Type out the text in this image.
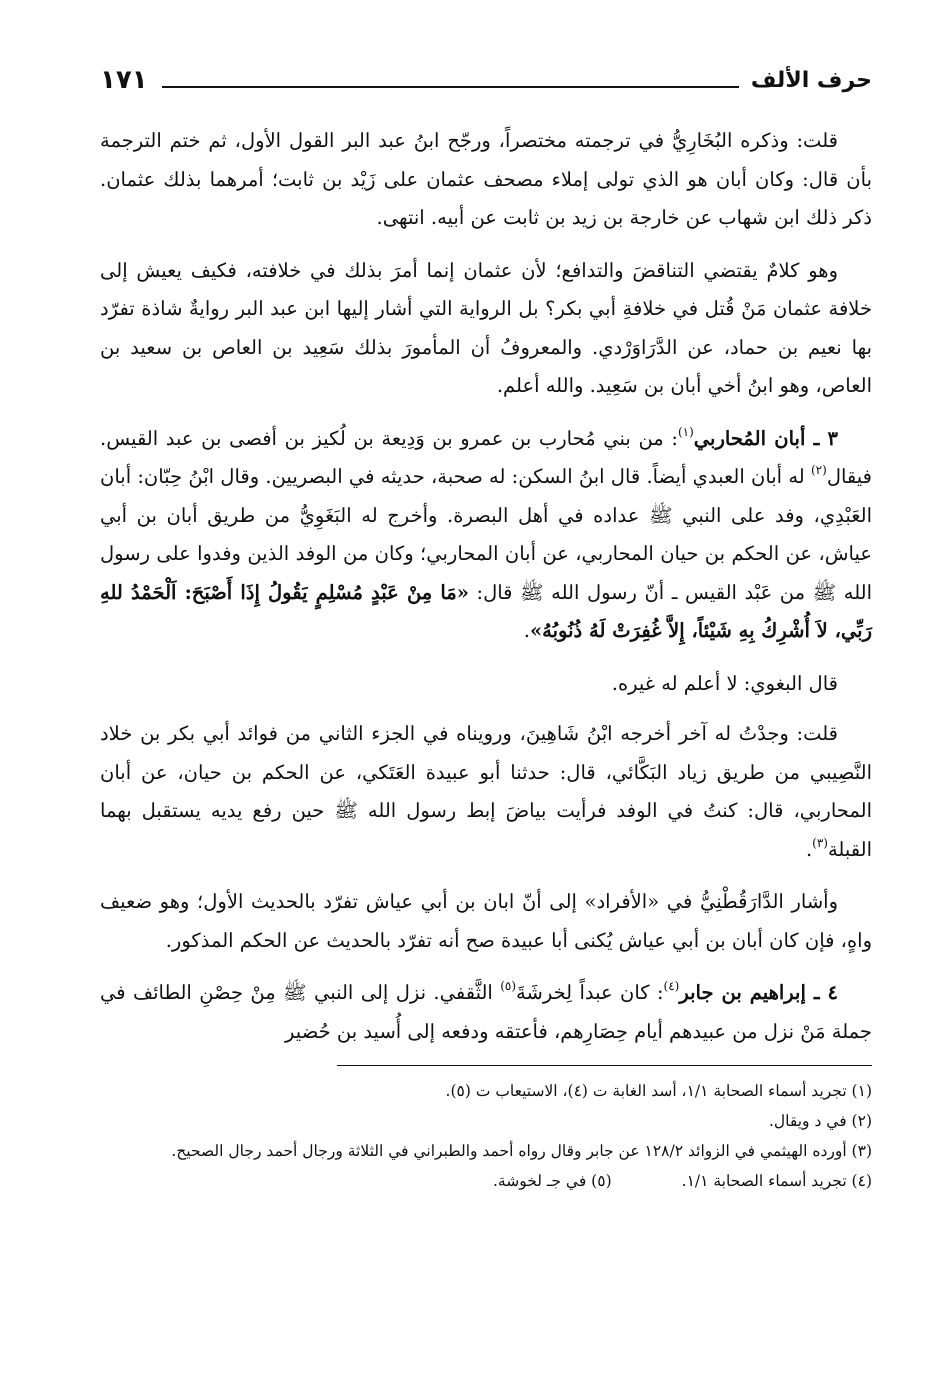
حرف الألف
١٧١

قلت: وذكره البُخَارِيُّ في ترجمته مختصراً، ورجّح ابنُ عبد البر القول الأول، ثم ختم الترجمة بأن قال: وكان أبان هو الذي تولى إملاء مصحف عثمان على زَيْد بن ثابت؛ أمرهما بذلك عثمان. ذكر ذلك ابن شهاب عن خارجة بن زيد بن ثابت عن أبيه. انتهى.

وهو كلامٌ يقتضي التناقضَ والتدافع؛ لأن عثمان إنما أمرَ بذلك في خلافته، فكيف يعيش إلى خلافة عثمان مَنْ قُتل في خلافةِ أبي بكر؟ بل الرواية التي أشار إليها ابن عبد البر روايةٌ شاذة تفرّد بها نعيم بن حماد، عن الدَّرَاوَرْدي. والمعروفُ أن المأمورَ بذلك سَعِيد بن العاص بن سعيد بن العاص، وهو ابنُ أخي أبان بن سَعِيد. والله أعلم.

٣ ـ أبان المُحاربي$^{(١)}$: من بني مُحارب بن عمرو بن وَدِيعة بن لُكيز بن أفصى بن عبد القيس. فيقال$^{(٢)}$ له أبان العبدي أيضاً. قال ابنُ السكن: له صحبة، حديثه في البصريين. وقال ابْنُ حِبّان: أبان العَبْدِي، وفد على النبي ﷺ عداده في أهل البصرة. وأخرج له البَغَوِيُّ من طريق أبان بن أبي عياش، عن الحكم بن حيان المحاربي، عن أبان المحاربي؛ وكان من الوفد الذين وفدوا على رسول الله ﷺ من عَبْد القيس ـ أنّ رسول الله ﷺ قال: «مَا مِنْ عَبْدٍ مُسْلِمٍ يَقُولُ إِذَا أَصْبَحَ: اَلْحَمْدُ للهِ رَبِّي، لاَ أُشْرِكُ بِهِ شَيْئاً، إِلاَّ غُفِرَتْ لَهُ ذُنُوبُهُ».

قال البغوي: لا أعلم له غيره.

قلت: وجدْتُ له آخر أخرجه ابْنُ شَاهِينَ، ورويناه في الجزء الثاني من فوائد أبي بكر بن خلاد النَّصِيبي من طريق زياد البَكَّائي، قال: حدثنا أبو عبيدة العَتَكي، عن الحكم بن حيان، عن أبان المحاربي، قال: كنتُ في الوفد فرأيت بياضَ إبط رسول الله ﷺ حين رفع يديه يستقبل بهما القبلة$^{(٣)}$.

وأشار الدَّارَقُطْنِيُّ في «الأفراد» إلى أنّ ابان بن أبي عياش تفرّد بالحديث الأول؛ وهو ضعيف واهٍ، فإن كان أبان بن أبي عياش يُكنى أبا عبيدة صح أنه تفرّد بالحديث عن الحكم المذكور.

٤ ـ إبراهيم بن جابر$^{(٤)}$: كان عبداً لِخرشَةَ$^{(٥)}$ الثَّقفي. نزل إلى النبي ﷺ مِنْ حِصْنِ الطائف في جملة مَنْ نزل من عبيدهم أيام حِصَارِهم، فأعتقه ودفعه إلى أُسيد بن حُضير

(١) تجريد أسماء الصحابة ١/١، أسد الغابة ت (٤)، الاستيعاب ت (٥).

(٢) في د ويقال.

(٣) أورده الهيثمي في الزوائد ١٢٨/٢ عن جابر وقال رواه أحمد والطبراني في الثلاثة ورجال أحمد رجال الصحيح.

(٤) تجريد أسماء الصحابة ١/١.

(٥) في جـ لخوشة.
